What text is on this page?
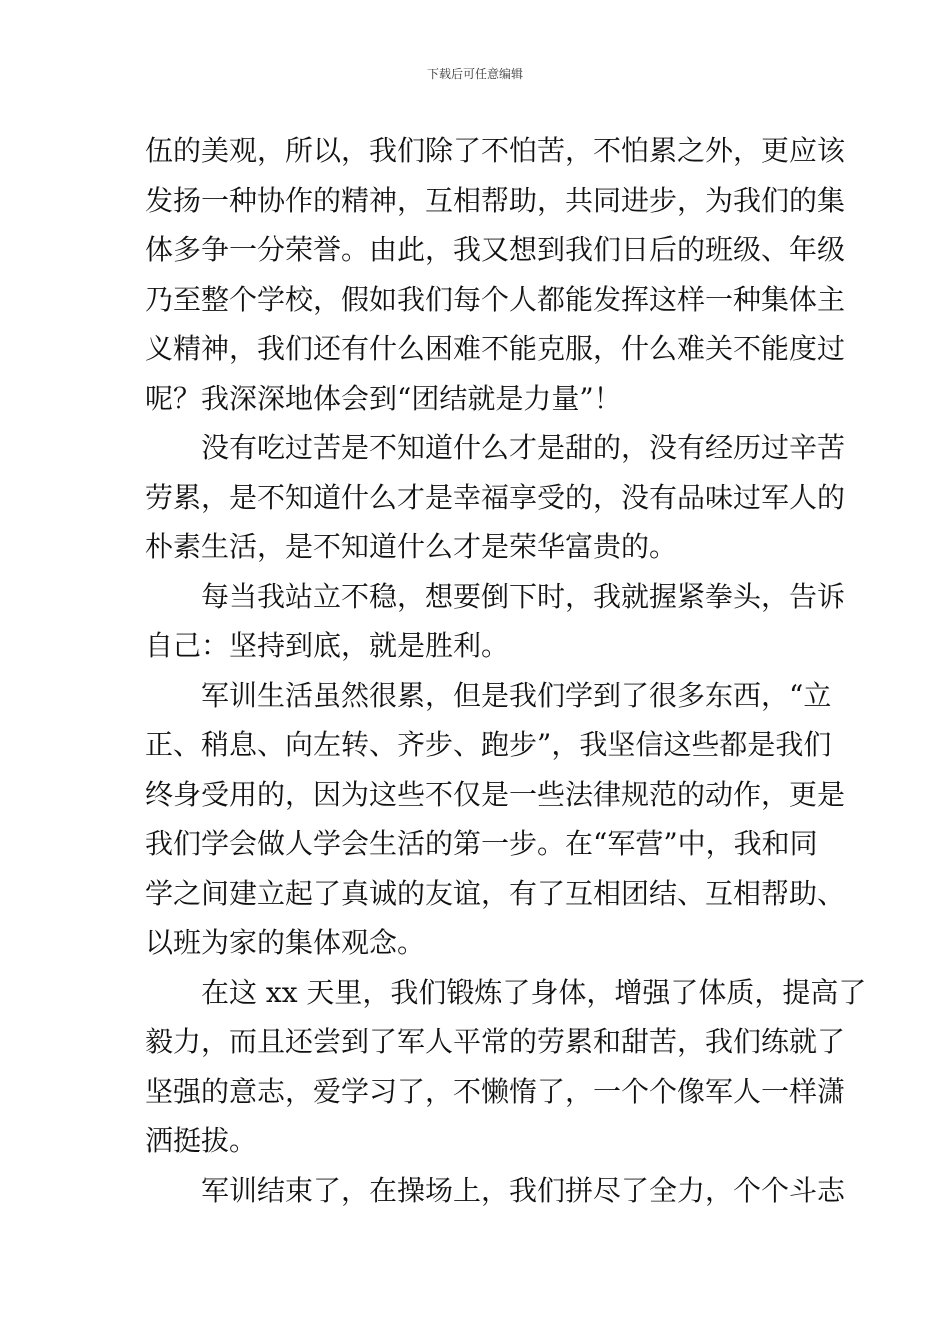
下载后可任意编辑
伍的美观，所以，我们除了不怕苦，不怕累之外，更应该
发扬一种协作的精神，互相帮助，共同进步，为我们的集
体多争一分荣誉。由此，我又想到我们日后的班级、年级
乃至整个学校，假如我们每个人都能发挥这样一种集体主
义精神，我们还有什么困难不能克服，什么难关不能度过
呢？我深深地体会到“团结就是力量”！
没有吃过苦是不知道什么才是甜的，没有经历过辛苦
劳累，是不知道什么才是幸福享受的，没有品味过军人的
朴素生活，是不知道什么才是荣华富贵的。
每当我站立不稳，想要倒下时，我就握紧拳头，告诉
自己：坚持到底，就是胜利。
军训生活虽然很累，但是我们学到了很多东西，“立
正、稍息、向左转、齐步、跑步”，我坚信这些都是我们
终身受用的，因为这些不仅是一些法律规范的动作，更是
我们学会做人学会生活的第一步。在“军营”中，我和同
学之间建立起了真诚的友谊，有了互相团结、互相帮助、
以班为家的集体观念。
在这 xx 天里，我们锻炼了身体，增强了体质，提高了
毅力，而且还尝到了军人平常的劳累和甜苦，我们练就了
坚强的意志，爱学习了，不懒惰了，一个个像军人一样潇
洒挺拔。
军训结束了，在操场上，我们拼尽了全力，个个斗志
